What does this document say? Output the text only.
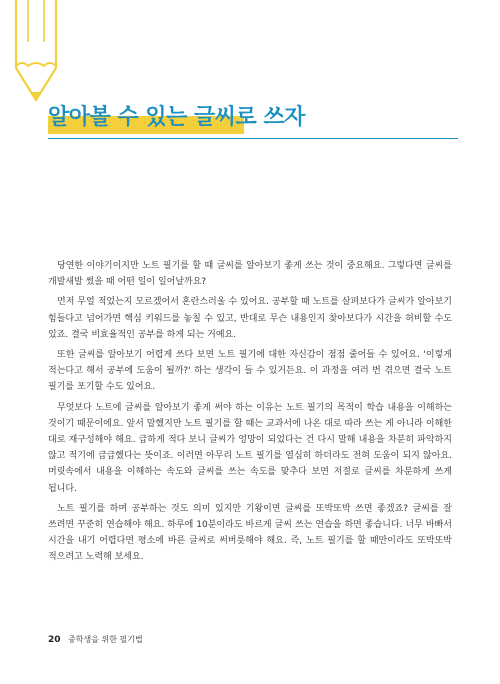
알아볼 수 있는 글씨로 쓰자

당연한 이야기이지만 노트 필기를 할 때 글씨를 알아보기 좋게 쓰는 것이 중요해요. 그렇다면 글씨를 개발새발 썼을 때 어떤 일이 일어날까요?

먼저 무얼 적었는지 모르겠어서 혼란스러울 수 있어요. 공부할 때 노트를 살펴보다가 글씨가 알아보기 힘들다고 넘어가면 핵심 키워드를 놓칠 수 있고, 반대로 무슨 내용인지 찾아보다가 시간을 허비할 수도 있죠. 결국 비효율적인 공부를 하게 되는 거예요.

또한 글씨를 알아보기 어렵게 쓰다 보면 노트 필기에 대한 자신감이 점점 줄어들 수 있어요. '이렇게 적는다고 해서 공부에 도움이 될까?' 하는 생각이 들 수 있거든요. 이 과정을 여러 번 겪으면 결국 노트 필기를 포기할 수도 있어요.

무엇보다 노트에 글씨를 알아보기 좋게 써야 하는 이유는 노트 필기의 목적이 학습 내용을 이해하는 것이기 때문이에요. 앞서 말했지만 노트 필기를 할 때는 교과서에 나온 대로 따라 쓰는 게 아니라 이해한 대로 재구성해야 해요. 급하게 적다 보니 글씨가 엉망이 되었다는 건 다시 말해 내용을 차분히 파악하지 않고 적기에 급급했다는 뜻이죠. 이러면 아무리 노트 필기를 열심히 하더라도 전혀 도움이 되지 않아요. 머릿속에서 내용을 이해하는 속도와 글씨를 쓰는 속도를 맞추다 보면 저절로 글씨를 차분하게 쓰게 됩니다.

노트 필기를 하며 공부하는 것도 의미 있지만 기왕이면 글씨를 또박또박 쓰면 좋겠죠? 글씨를 잘 쓰려면 꾸준히 연습해야 해요. 하루에 10분이라도 바르게 글씨 쓰는 연습을 하면 좋습니다. 너무 바빠서 시간을 내기 어렵다면 평소에 바른 글씨로 써버릇해야 해요. 즉, 노트 필기를 할 때만이라도 또박또박 적으려고 노력해 보세요.

20 중학생을 위한 필기법
